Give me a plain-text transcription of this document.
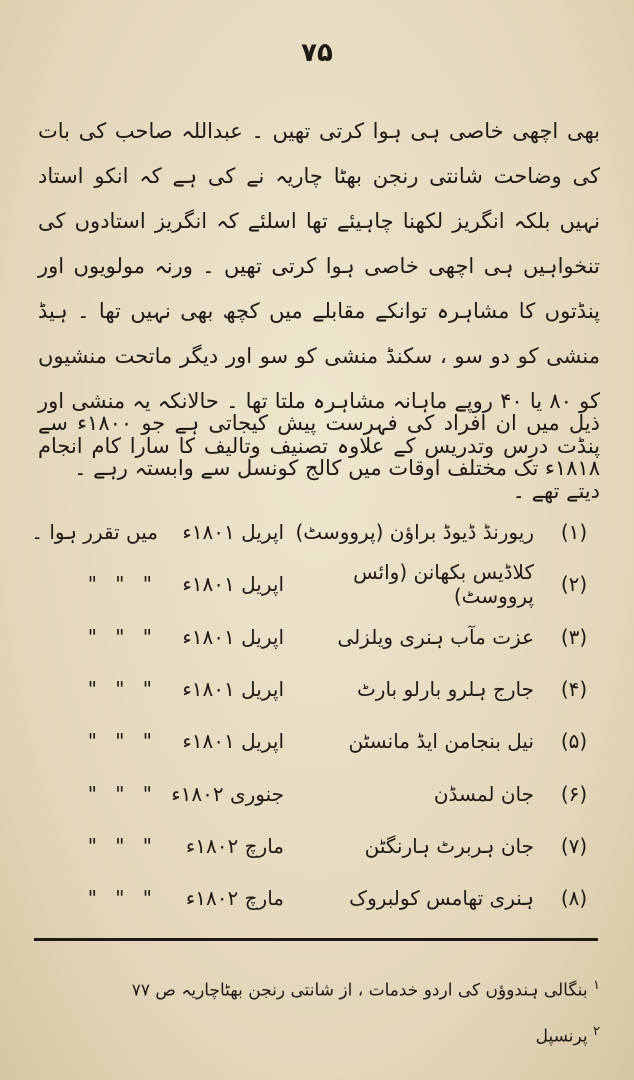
۷۵

بھی اچھی خاصی ہی ہوا کرتی تھیں ۔ عبداللہ صاحب کی بات کی وضاحت شانتی رنجن بھٹا چاریہ نے کی ہے کہ انکو استاد نہیں بلکہ انگریز لکھنا چاہیئے تھا اسلئے کہ انگریز استادوں کی تنخواہیں ہی اچھی خاصی ہوا کرتی تھیں ۔ ورنہ مولویوں اور پنڈتوں کا مشاہرہ توانکے مقابلے میں کچھ بھی نہیں تھا ۔ ہیڈ منشی کو دو سو ، سکنڈ منشی کو سو اور دیگر ماتحت منشیوں کو ۸۰ یا ۴۰ روپے ماہانہ مشاہرہ ملتا تھا ۔ حالانکہ یہ منشی اور پنڈت درس وتدریس کے علاوہ تصنیف وتالیف کا سارا کام انجام دیتے تھے ۔

ذیل میں ان افراد کی فہرست پیش کیجاتی ہے جو ۱۸۰۰ء سے ۱۸۱۸ء تک مختلف اوقات میں کالج کونسل سے وابستہ رہے ۔

(۱)
ریورنڈ ڈیوڈ براؤن (پرووسٹ)
اپریل ۱۸۰۱ء
میں تقرر ہوا ۔
(۲)
کلاڈیس بکھانن (وائس پرووسٹ)
اپریل ۱۸۰۱ء
" " "
(۳)
عزت مآب ہنری ویلزلی
اپریل ۱۸۰۱ء
" " "
(۴)
جارج ہلرو بارلو بارٹ
اپریل ۱۸۰۱ء
" " "
(۵)
نیل بنجامن ایڈ مانسٹن
اپریل ۱۸۰۱ء
" " "
(۶)
جان لمسڈن
جنوری ۱۸۰۲ء
" " "
(۷)
جان ہربرٹ ہارنگٹن
مارچ ۱۸۰۲ء
" " "
(۸)
ہنری تھامس کولبروک
مارچ ۱۸۰۲ء
" " "
$^۱$ بنگالی ہندوؤں کی اردو خدمات ، از شانتی رنجن بھٹاچاریہ ص ۷۷
$^۲$ پرنسپل
